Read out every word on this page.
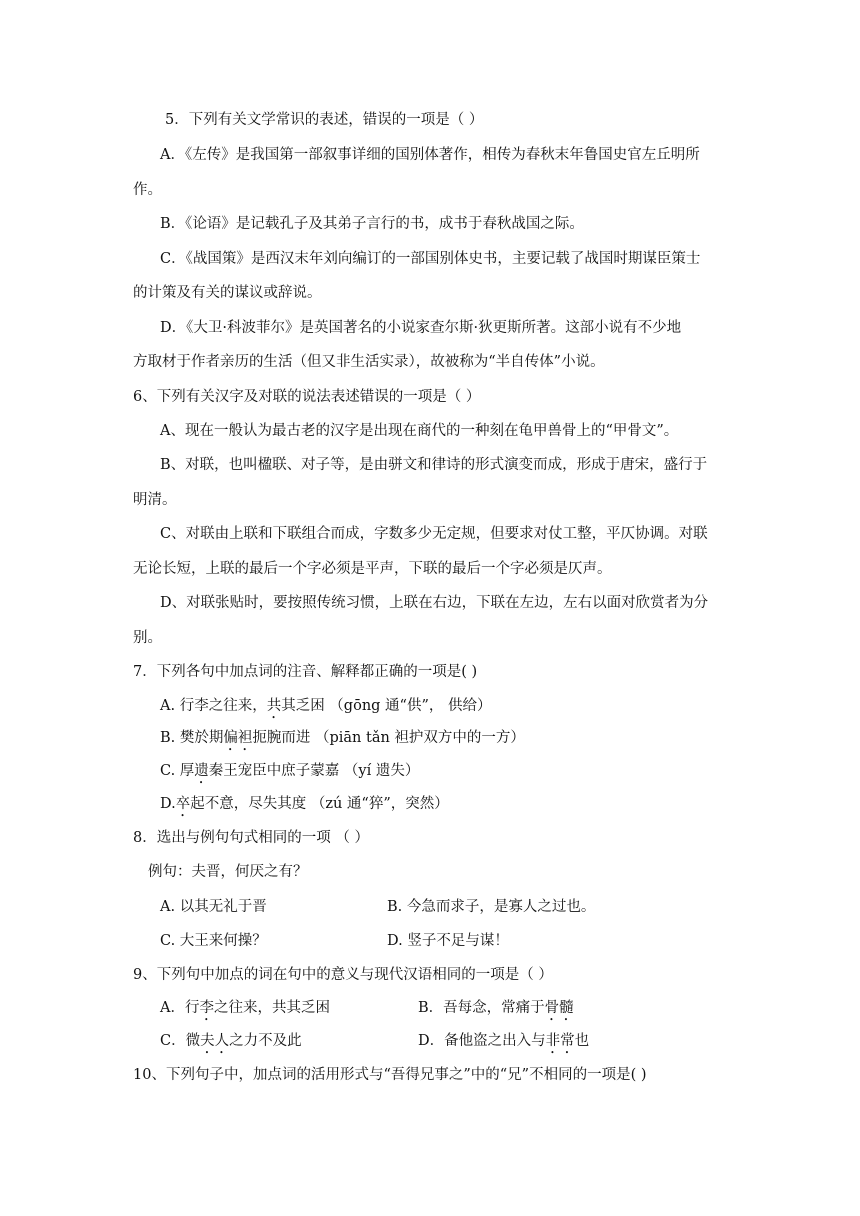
5．下列有关文学常识的表述，错误的一项是（ ）
A．《左传》是我国第一部叙事详细的国别体著作，相传为春秋末年鲁国史官左丘明所
作。
B．《论语》是记载孔子及其弟子言行的书，成书于春秋战国之际。
C．《战国策》是西汉末年刘向编订的一部国别体史书，主要记载了战国时期谋臣策士
的计策及有关的谋议或辞说。
D．《大卫·科波菲尔》是英国著名的小说家查尔斯·狄更斯所著。这部小说有不少地
方取材于作者亲历的生活（但又非生活实录），故被称为“半自传体”小说。
6、下列有关汉字及对联的说法表述错误的一项是（ ）
A、现在一般认为最古老的汉字是出现在商代的一种刻在龟甲兽骨上的“甲骨文”。
B、对联，也叫楹联、对子等，是由骈文和律诗的形式演变而成，形成于唐宋，盛行于
明清。
C、对联由上联和下联组合而成，字数多少无定规，但要求对仗工整，平仄协调。对联
无论长短，上联的最后一个字必须是平声，下联的最后一个字必须是仄声。
D、对联张贴时，要按照传统习惯，上联在右边，下联在左边，左右以面对欣赏者为分
别。
7．下列各句中加点词的注音、解释都正确的一项是( )
A. 行李之往来，共其乏困 （gōng 通“供”， 供给）
B. 樊於期偏袒扼腕而进 （piān tǎn 袒护双方中的一方）
C. 厚遗秦王宠臣中庶子蒙嘉 （yí 遗失）
D.卒起不意，尽失其度 （zú 通“猝”，突然）
8．选出与例句句式相同的一项 （ ）
例句：夫晋，何厌之有？
A. 以其无礼于晋	B. 今急而求子，是寡人之过也。
C. 大王来何操？	D. 竖子不足与谋！
9、下列句中加点的词在句中的意义与现代汉语相同的一项是（ ）
A．行李之往来，共其乏困	B．吾每念，常痛于骨髓
C．微夫人之力不及此	D．备他盗之出入与非常也
10、下列句子中，加点词的活用形式与“吾得兄事之”中的“兄”不相同的一项是( )
